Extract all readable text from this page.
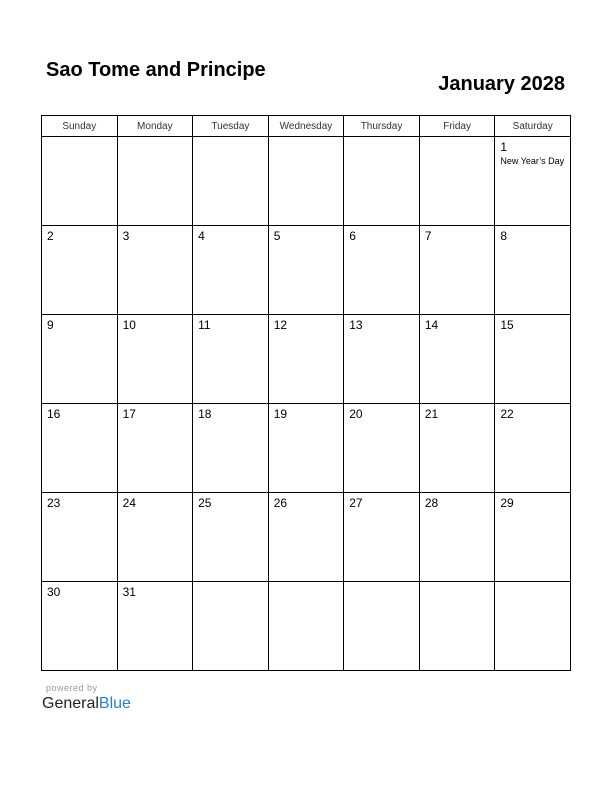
Sao Tome and Principe
January 2028
Sunday	Monday	Tuesday	Wednesday	Thursday	Friday	Saturday

						1
New Year’s Day

2	3	4	5	6	7	8

9	10	11	12	13	14	15

16	17	18	19	20	21	22

23	24	25	26	27	28	29

30	31					

powered by
GeneralBlue
